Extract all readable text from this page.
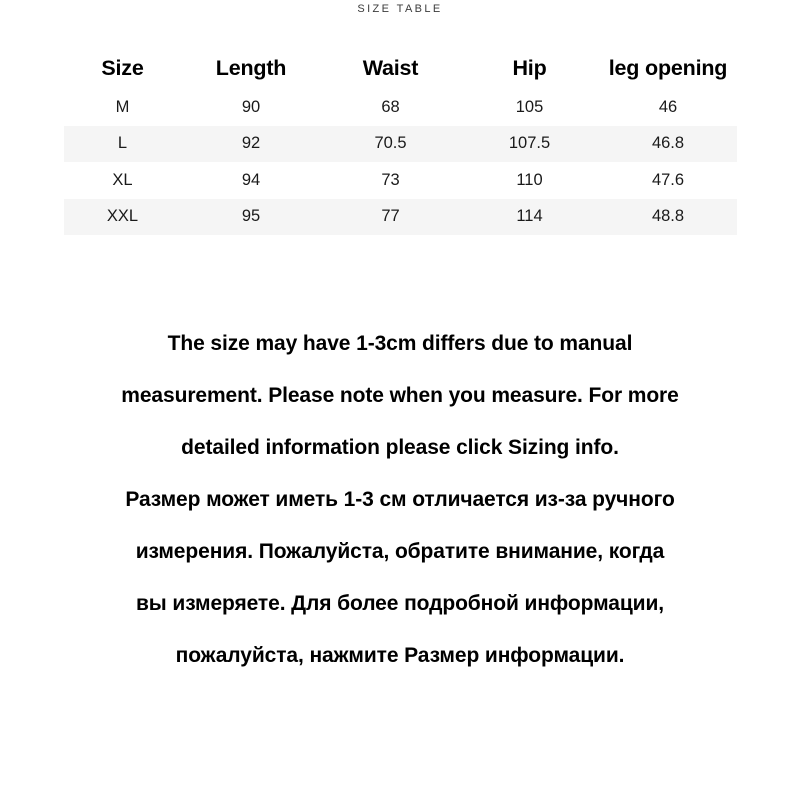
SIZE TABLE
Size	Length	Waist	Hip	leg opening
M	90	68	105	46
L	92	70.5	107.5	46.8
XL	94	73	110	47.6
XXL	95	77	114	48.8
The size may have 1-3cm differs due to manual
measurement. Please note when you measure. For more
detailed information please click Sizing info.
Размер может иметь 1-3 см отличается из-за ручного
измерения. Пожалуйста, обратите внимание, когда
вы измеряете. Для более подробной информации,
пожалуйста, нажмите Размер информации.
